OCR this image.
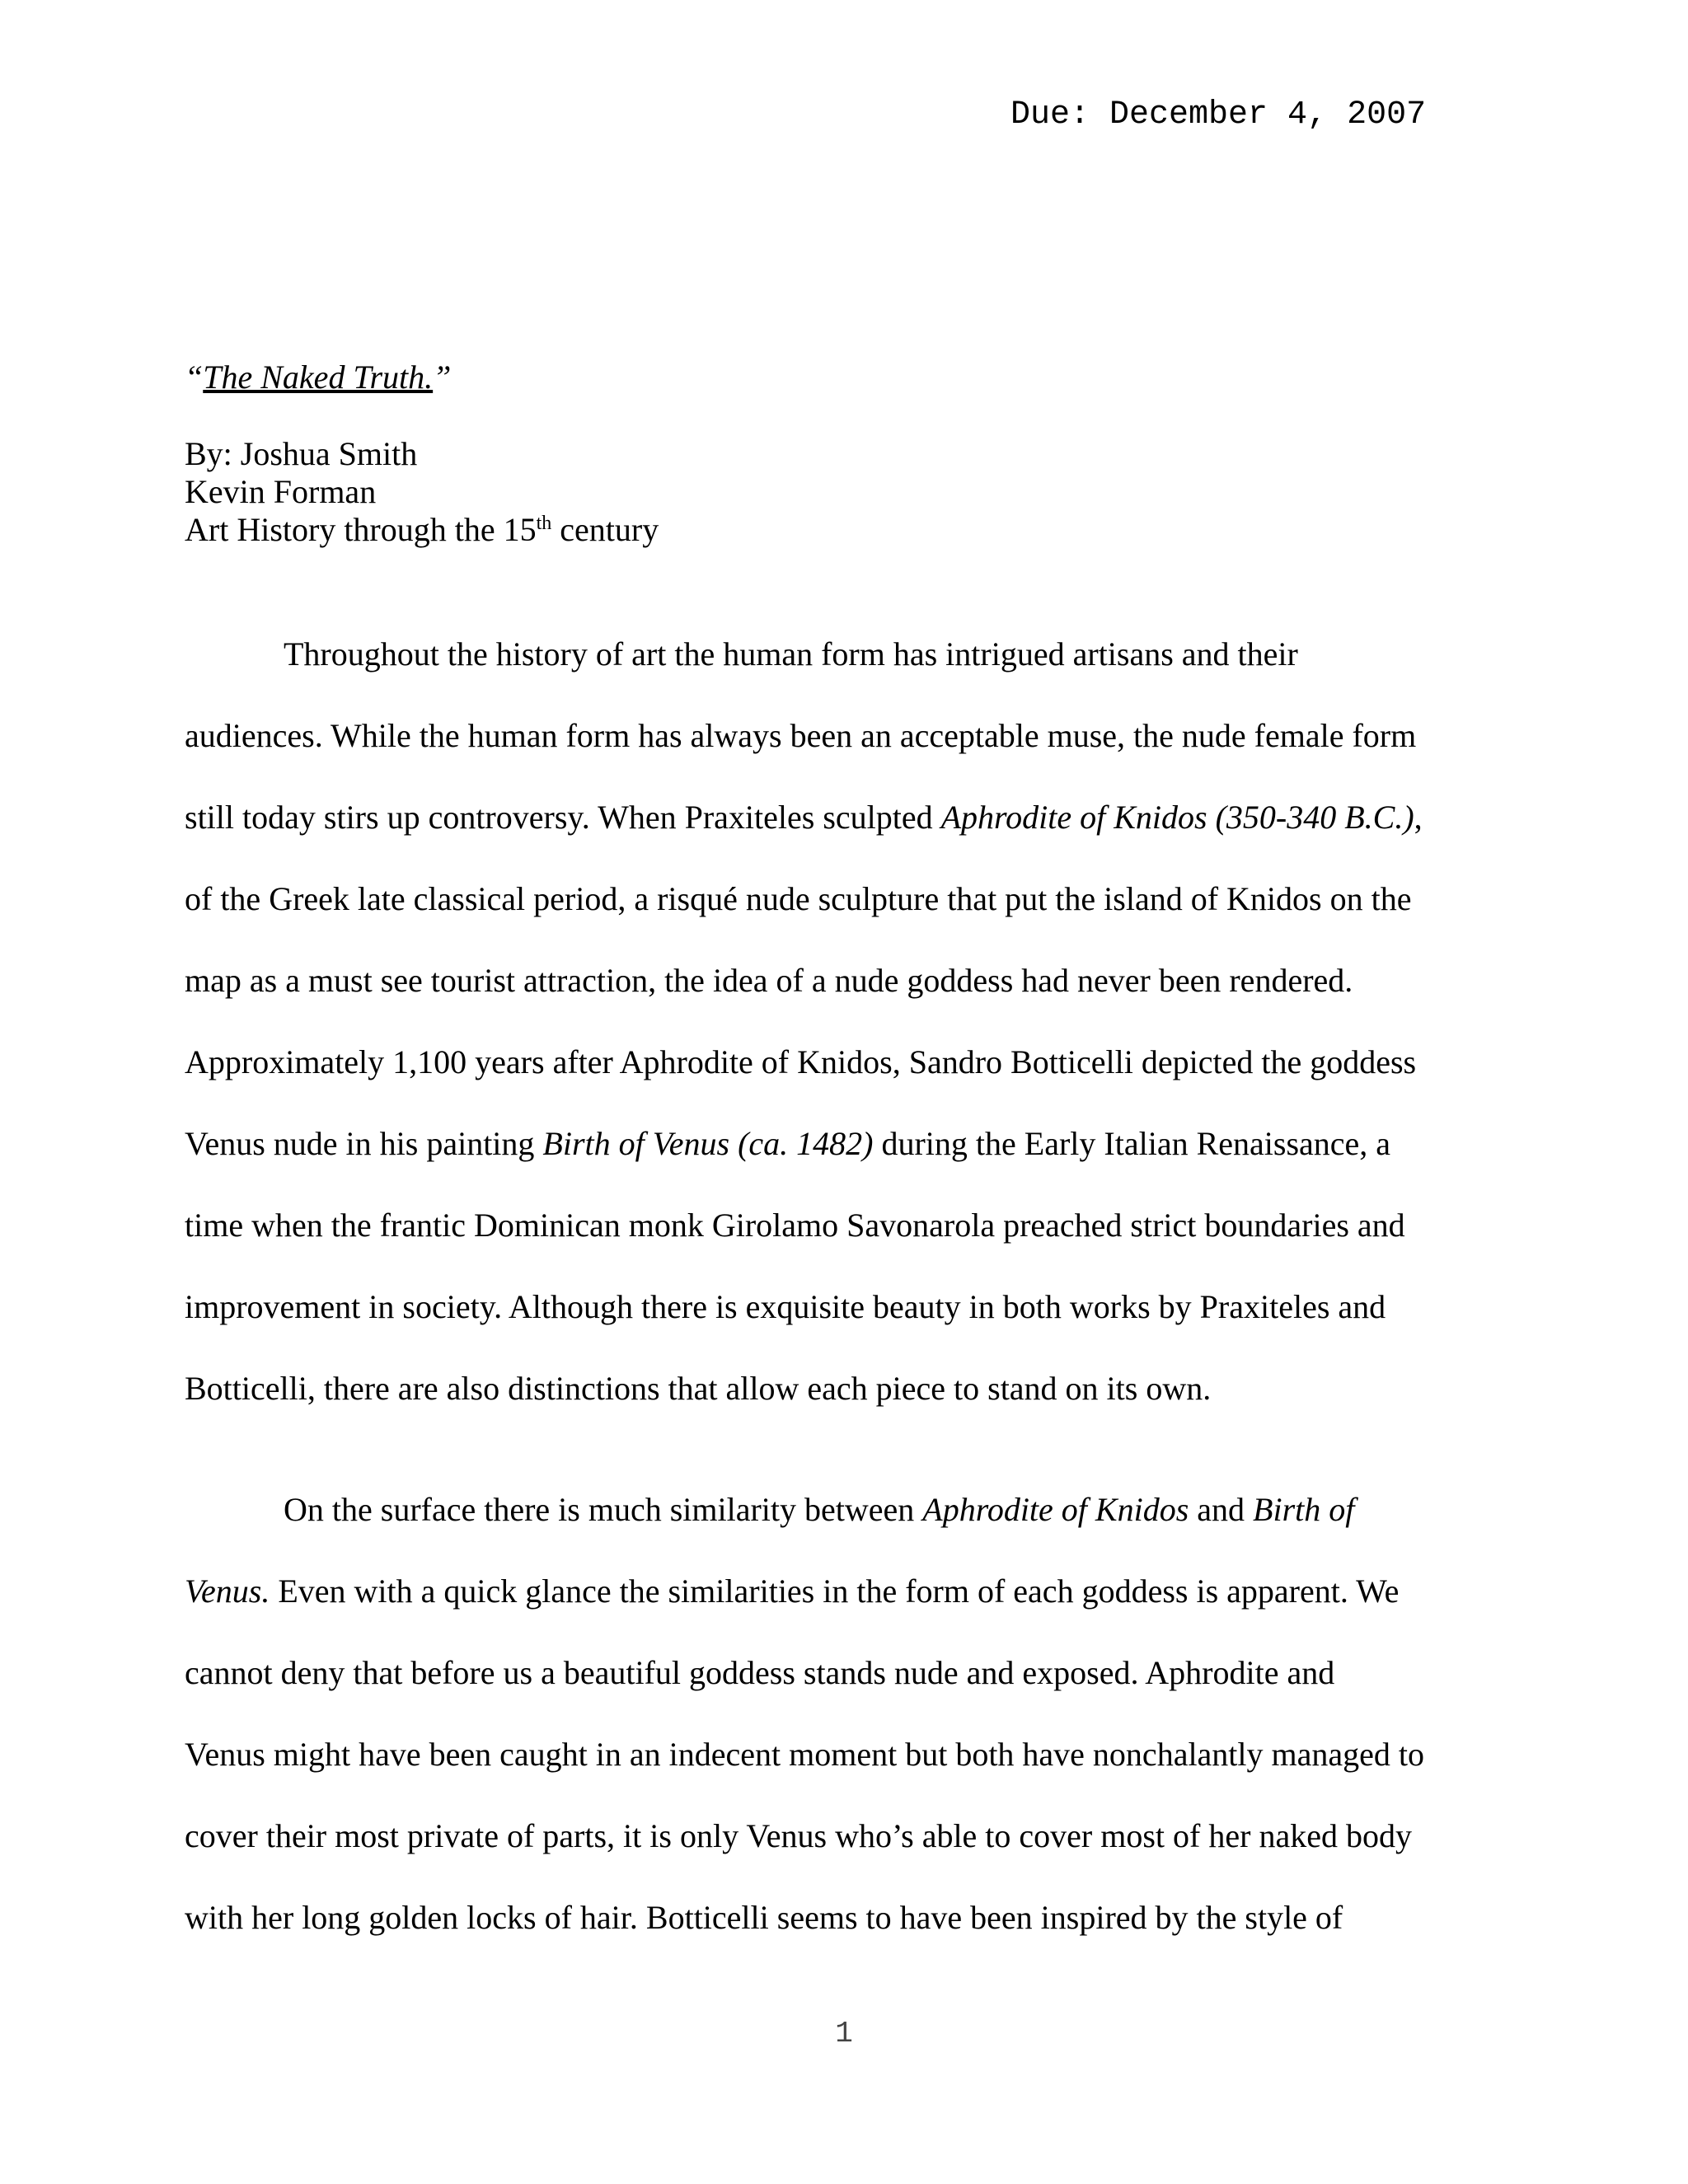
Due: December 4, 2007

“The Naked Truth.”

By: Joshua Smith
Kevin Forman
Art History through the 15th century
Throughout the history of art the human form has intrigued artisans and their
audiences. While the human form has always been an acceptable muse, the nude female form
still today stirs up controversy. When Praxiteles sculpted Aphrodite of Knidos (350-340 B.C.),
of the Greek late classical period, a risqué nude sculpture that put the island of Knidos on the
map as a must see tourist attraction, the idea of a nude goddess had never been rendered.
Approximately 1,100 years after Aphrodite of Knidos, Sandro Botticelli depicted the goddess
Venus nude in his painting Birth of Venus (ca. 1482) during the Early Italian Renaissance, a
time when the frantic Dominican monk Girolamo Savonarola preached strict boundaries and
improvement in society. Although there is exquisite beauty in both works by Praxiteles and
Botticelli, there are also distinctions that allow each piece to stand on its own.
On the surface there is much similarity between Aphrodite of Knidos and Birth of
Venus. Even with a quick glance the similarities in the form of each goddess is apparent. We
cannot deny that before us a beautiful goddess stands nude and exposed. Aphrodite and
Venus might have been caught in an indecent moment but both have nonchalantly managed to
cover their most private of parts, it is only Venus who’s able to cover most of her naked body
with her long golden locks of hair. Botticelli seems to have been inspired by the style of

1
